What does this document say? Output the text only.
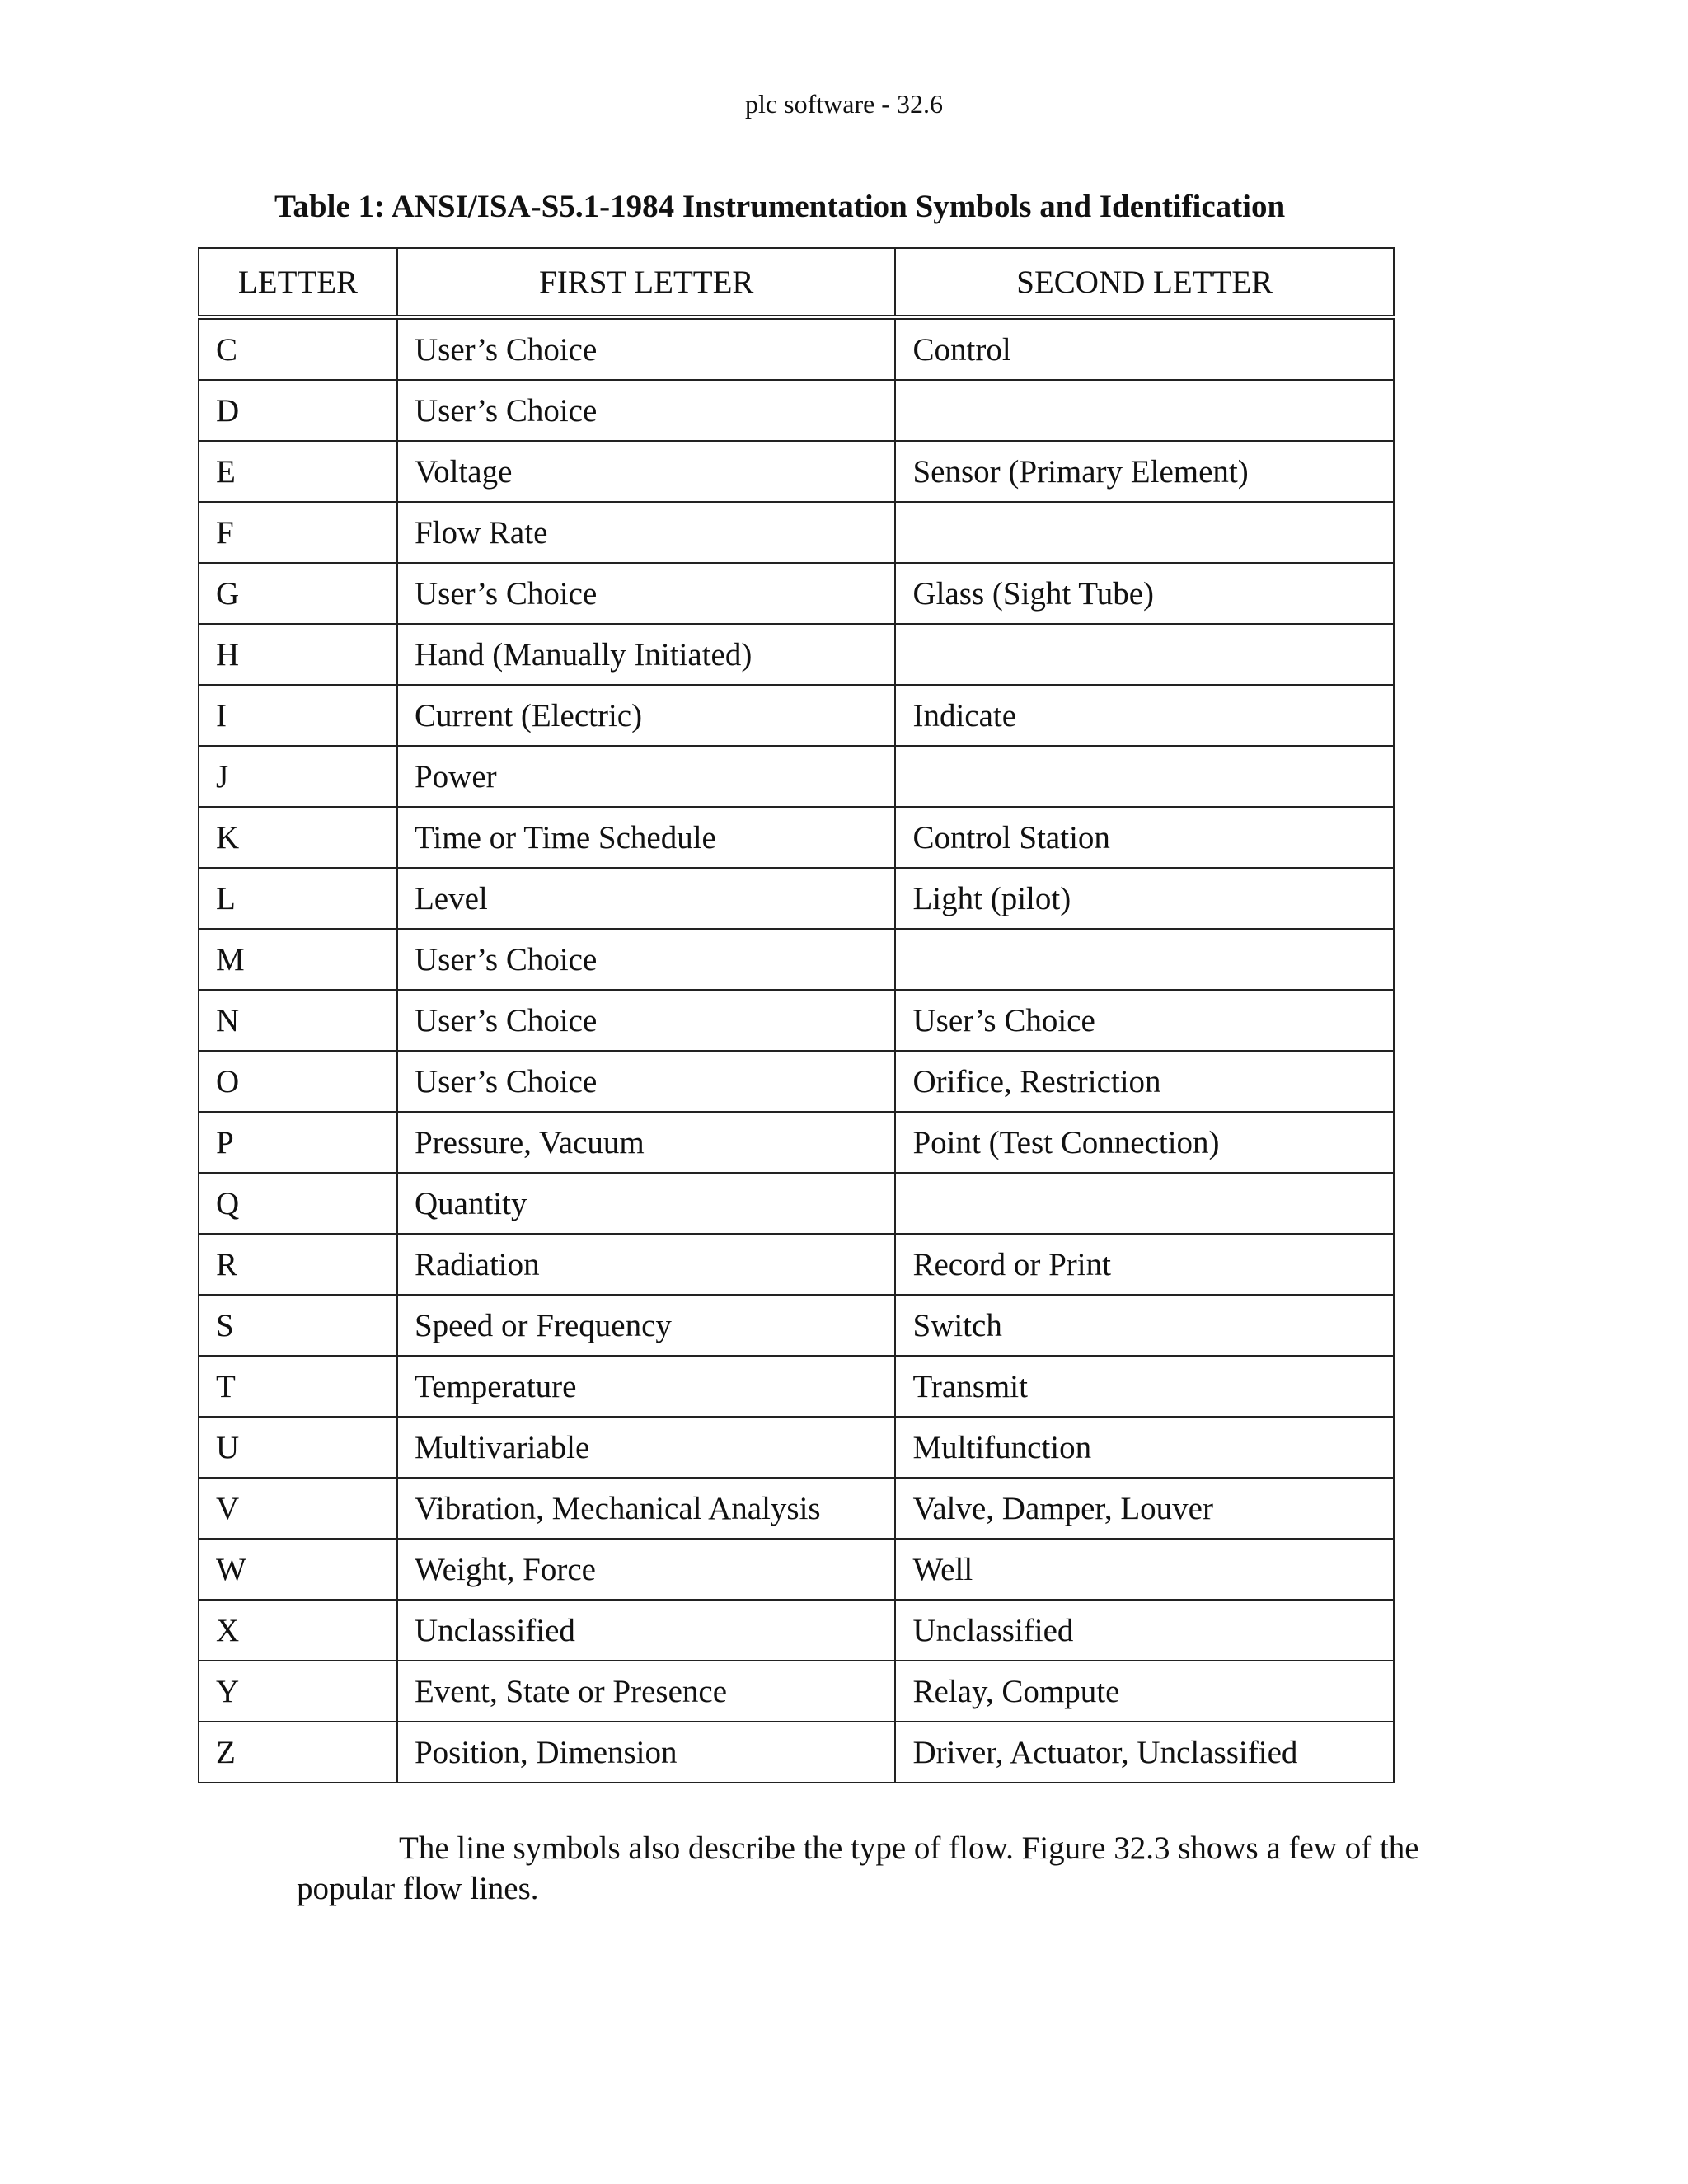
plc software - 32.6
Table 1: ANSI/ISA-S5.1-1984 Instrumentation Symbols and Identification
LETTER	FIRST LETTER	SECOND LETTER
C	User’s Choice	Control
D	User’s Choice	
E	Voltage	Sensor (Primary Element)
F	Flow Rate	
G	User’s Choice	Glass (Sight Tube)
H	Hand (Manually Initiated)	
I	Current (Electric)	Indicate
J	Power	
K	Time or Time Schedule	Control Station
L	Level	Light (pilot)
M	User’s Choice	
N	User’s Choice	User’s Choice
O	User’s Choice	Orifice, Restriction
P	Pressure, Vacuum	Point (Test Connection)
Q	Quantity	
R	Radiation	Record or Print
S	Speed or Frequency	Switch
T	Temperature	Transmit
U	Multivariable	Multifunction
V	Vibration, Mechanical Analysis	Valve, Damper, Louver
W	Weight, Force	Well
X	Unclassified	Unclassified
Y	Event, State or Presence	Relay, Compute
Z	Position, Dimension	Driver, Actuator, Unclassified

The line symbols also describe the type of flow. Figure 32.3 shows a few of the popular flow lines.
